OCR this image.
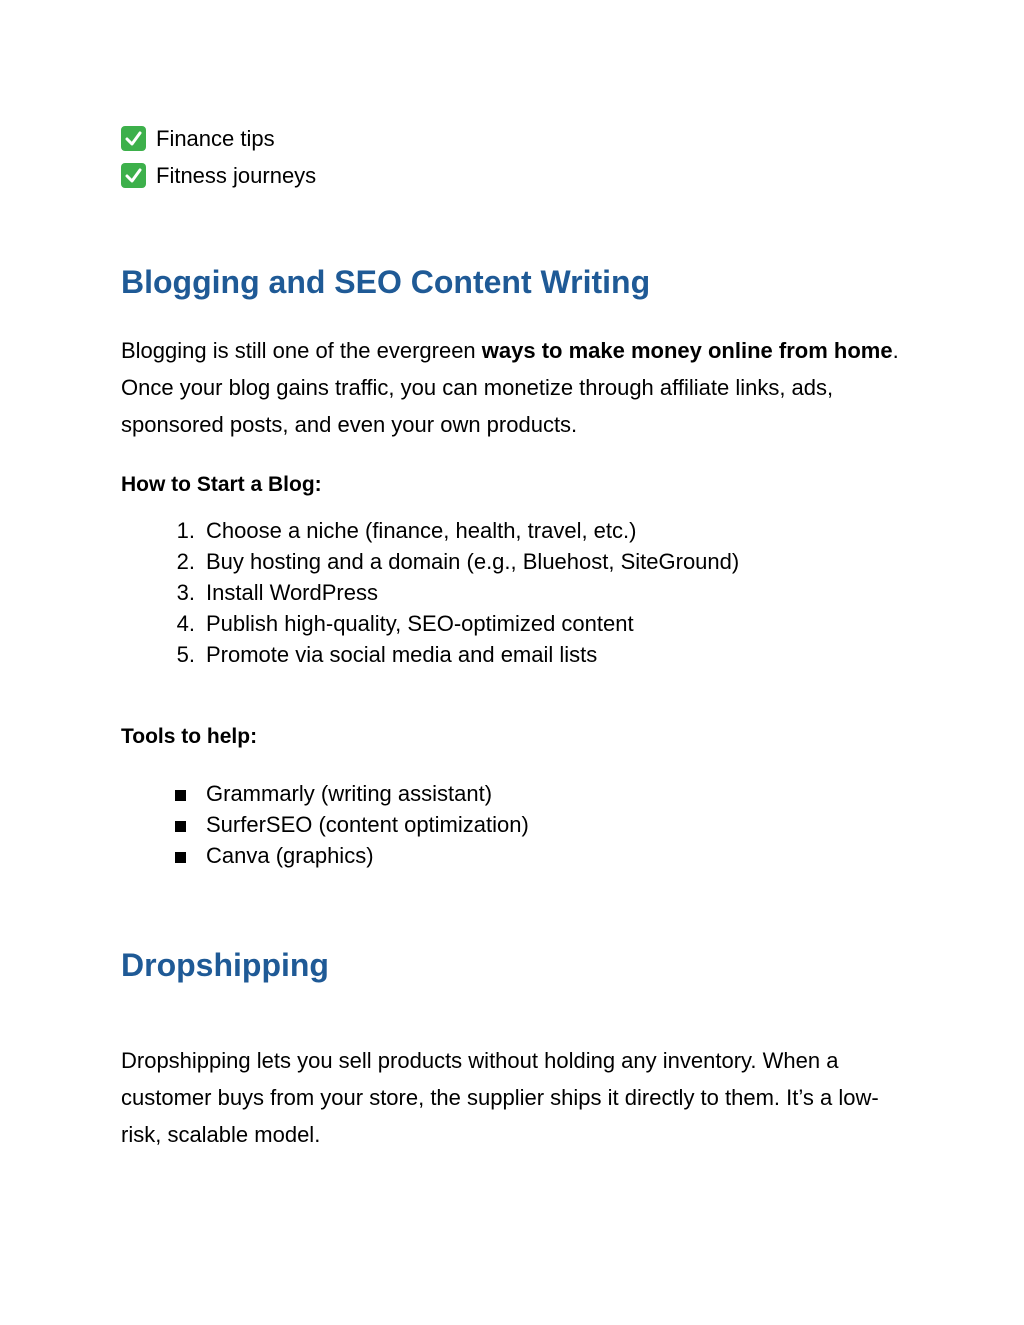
Finance tips
Fitness journeys
Blogging and SEO Content Writing

Blogging is still one of the evergreen ways to make money online from home. Once your blog gains traffic, you can monetize through affiliate links, ads, sponsored posts, and even your own products.

How to Start a Blog:
1. Choose a niche (finance, health, travel, etc.)
2. Buy hosting and a domain (e.g., Bluehost, SiteGround)
3. Install WordPress
4. Publish high-quality, SEO-optimized content
5. Promote via social media and email lists
Tools to help:
Grammarly (writing assistant)
SurferSEO (content optimization)
Canva (graphics)
Dropshipping

Dropshipping lets you sell products without holding any inventory. When a customer buys from your store, the supplier ships it directly to them. It’s a low-risk, scalable model.
